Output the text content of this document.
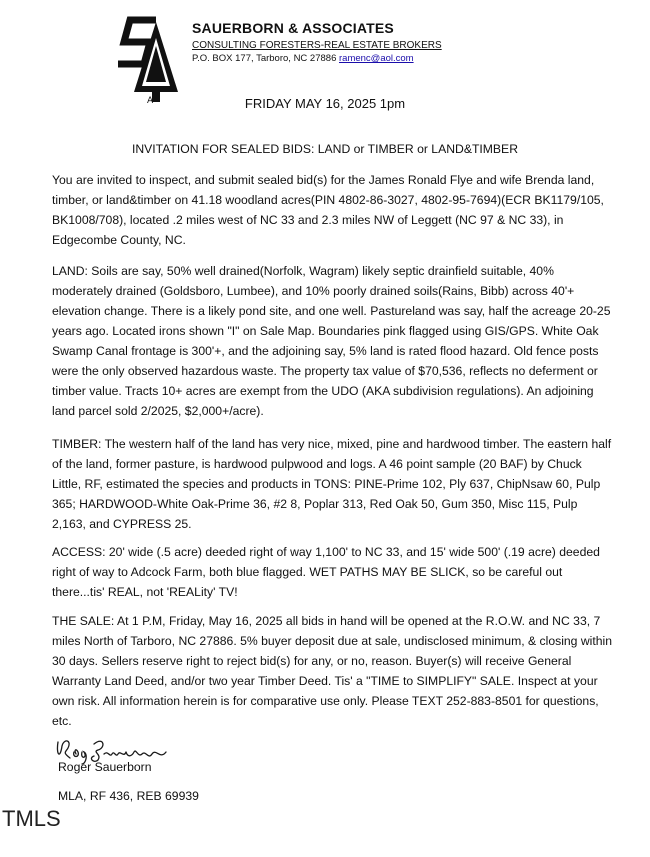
A
SAUERBORN & ASSOCIATES
CONSULTING FORESTERS-REAL ESTATE BROKERS
P.O. BOX 177, Tarboro, NC 27886 ramenc@aol.com
FRIDAY MAY 16, 2025 1pm
INVITATION FOR SEALED BIDS: LAND or TIMBER or LAND&TIMBER

You are invited to inspect, and submit sealed bid(s) for the James Ronald Flye and wife Brenda land, timber, or land&timber on 41.18 woodland acres(PIN 4802-86-3027, 4802-95-7694)(ECR BK1179/105, BK1008/708), located .2 miles west of NC 33 and 2.3 miles NW of Leggett (NC 97 & NC 33), in Edgecombe County, NC.

LAND: Soils are say, 50% well drained(Norfolk, Wagram) likely septic drainfield suitable, 40% moderately drained (Goldsboro, Lumbee), and 10% poorly drained soils(Rains, Bibb) across 40'+ elevation change. There is a likely pond site, and one well. Pastureland was say, half the acreage 20-25 years ago. Located irons shown "I" on Sale Map. Boundaries pink flagged using GIS/GPS. White Oak Swamp Canal frontage is 300'+, and the adjoining say, 5% land is rated flood hazard. Old fence posts were the only observed hazardous waste. The property tax value of $70,536, reflects no deferment or timber value. Tracts 10+ acres are exempt from the UDO (AKA subdivision regulations). An adjoining land parcel sold 2/2025, $2,000+/acre).

TIMBER: The western half of the land has very nice, mixed, pine and hardwood timber. The eastern half of the land, former pasture, is hardwood pulpwood and logs. A 46 point sample (20 BAF) by Chuck Little, RF, estimated the species and products in TONS: PINE-Prime 102, Ply 637, ChipNsaw 60, Pulp 365; HARDWOOD-White Oak-Prime 36, #2 8, Poplar 313, Red Oak 50, Gum 350, Misc 115, Pulp 2,163, and CYPRESS 25.

ACCESS: 20' wide (.5 acre) deeded right of way 1,100' to NC 33, and 15' wide 500' (.19 acre) deeded right of way to Adcock Farm, both blue flagged. WET PATHS MAY BE SLICK, so be careful out there...tis' REAL, not 'REALity' TV!

THE SALE: At 1 P.M, Friday, May 16, 2025 all bids in hand will be opened at the R.O.W. and NC 33, 7 miles North of Tarboro, NC 27886. 5% buyer deposit due at sale, undisclosed minimum, & closing within 30 days. Sellers reserve right to reject bid(s) for any, or no, reason. Buyer(s) will receive General Warranty Land Deed, and/or two year Timber Deed. Tis' a "TIME to SIMPLIFY" SALE. Inspect at your own risk. All information herein is for comparative use only. Please TEXT 252-883-8501 for questions, etc.

Roger Sauerborn
MLA, RF 436, REB 69939
TMLS
